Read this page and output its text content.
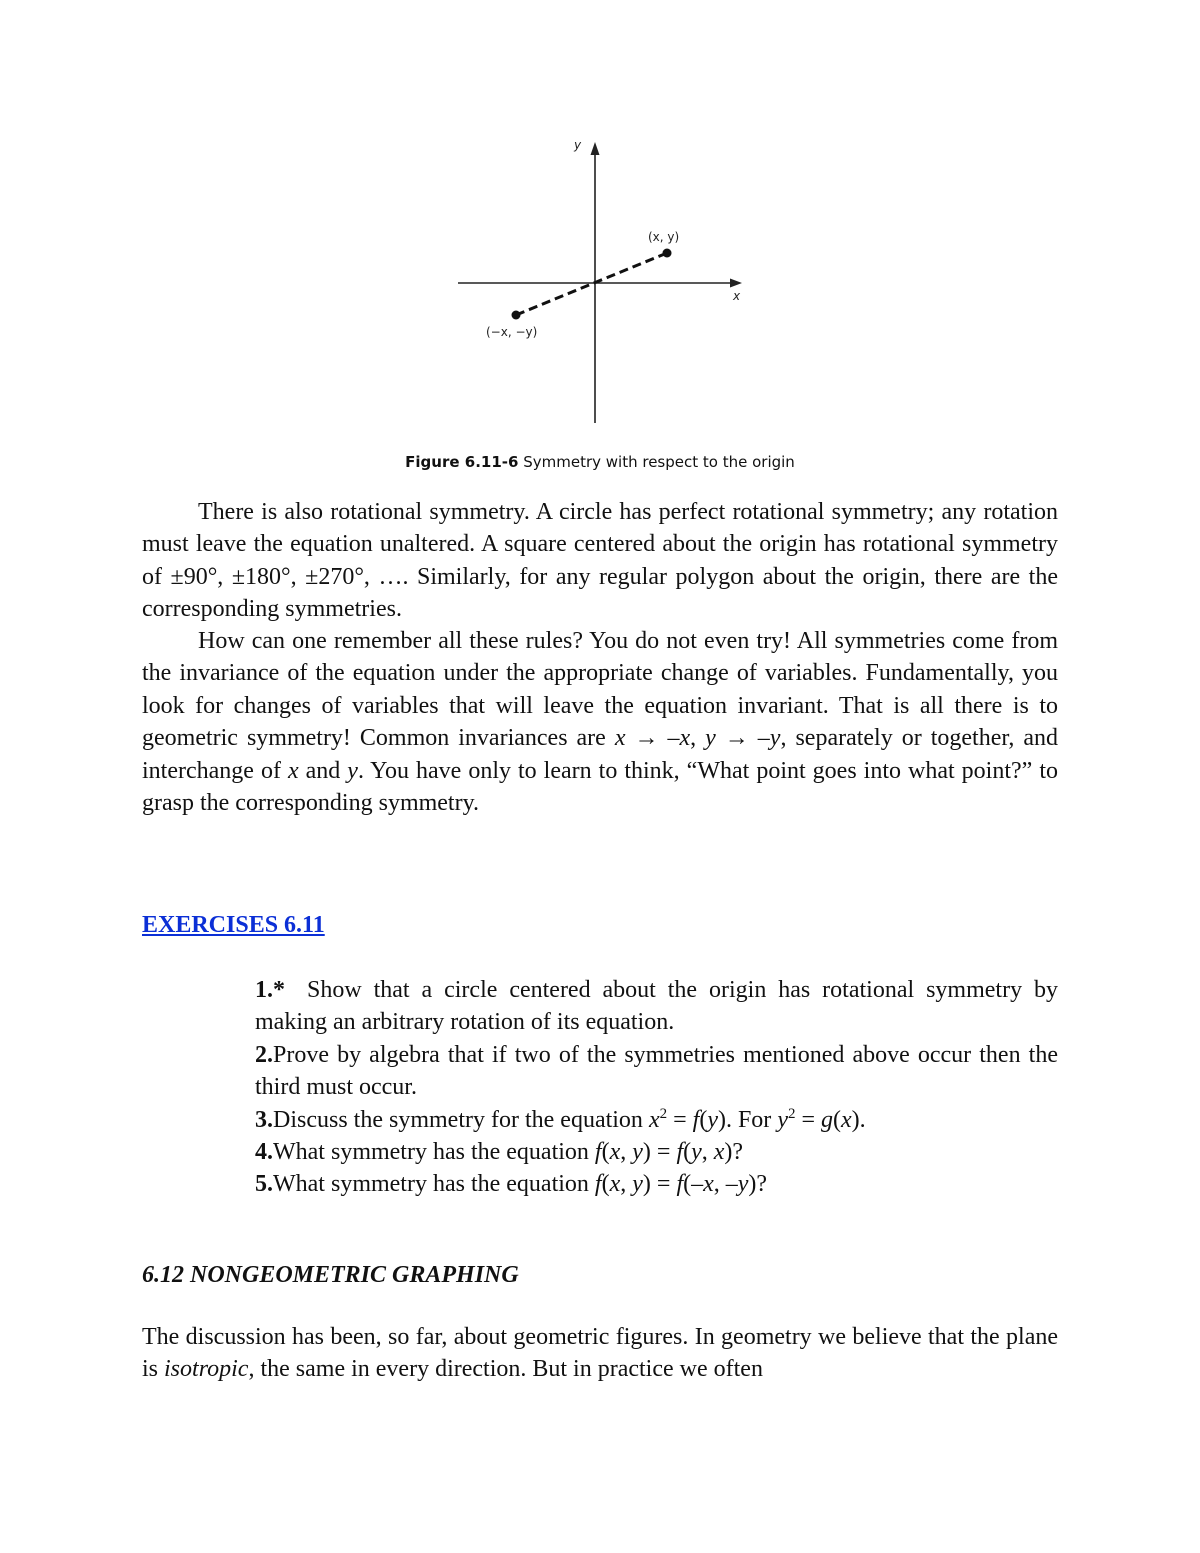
y
x
(x, y)
(−x, −y)
Figure 6.11-6 Symmetry with respect to the origin

There is also rotational symmetry. A circle has perfect rotational symmetry; any rotation must leave the equation unaltered. A square centered about the origin has rotational symmetry of ±90°, ±180°, ±270°, …. Similarly, for any regular polygon about the origin, there are the corresponding symmetries.

How can one remember all these rules? You do not even try! All symmetries come from the invariance of the equation under the appropriate change of variables. Fundamentally, you look for changes of variables that will leave the equation invariant. That is all there is to geometric symmetry! Common invariances are x → –x, y → –y, separately or together, and interchange of x and y. You have only to learn to think, “What point goes into what point?” to grasp the corresponding symmetry.

EXERCISES 6.11
1.* Show that a circle centered about the origin has rotational symmetry by making an arbitrary rotation of its equation.
2.Prove by algebra that if two of the symmetries mentioned above occur then the third must occur.
3.Discuss the symmetry for the equation $x^2 = f(y)$. For $y^2 = g(x)$.
4.What symmetry has the equation f(x, y) = f(y, x)?
5.What symmetry has the equation f(x, y) = f(–x, –y)?
6.12 NONGEOMETRIC GRAPHING

The discussion has been, so far, about geometric figures. In geometry we believe that the plane is isotropic, the same in every direction. But in practice we often
